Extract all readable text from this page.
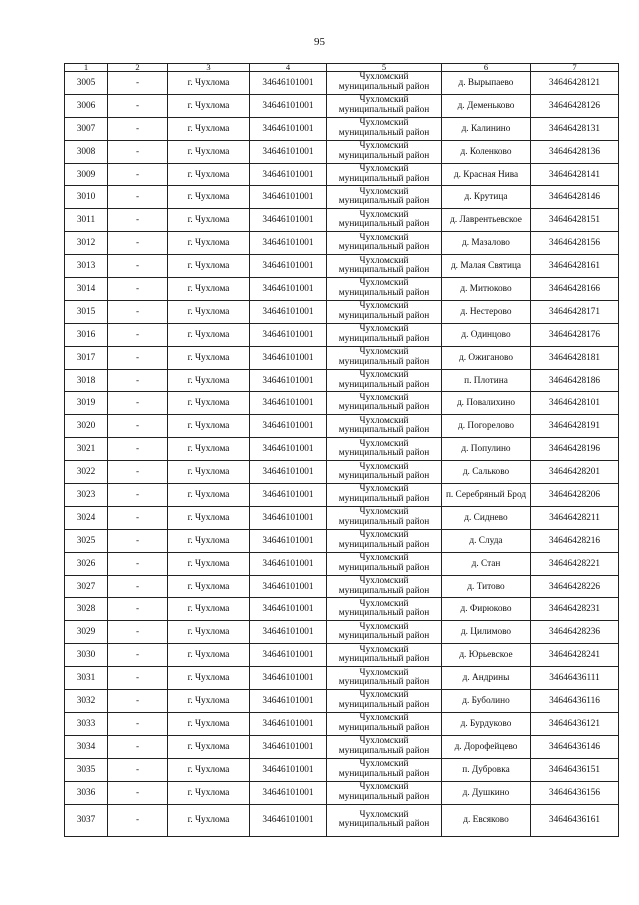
95
1	2	3	4	5	6	7
3005	-	г. Чухлома	34646101001	Чухломский
муниципальный район	д. Вырыпаево	34646428121
3006	-	г. Чухлома	34646101001	Чухломский
муниципальный район	д. Деменьково	34646428126
3007	-	г. Чухлома	34646101001	Чухломский
муниципальный район	д. Калинино	34646428131
3008	-	г. Чухлома	34646101001	Чухломский
муниципальный район	д. Коленково	34646428136
3009	-	г. Чухлома	34646101001	Чухломский
муниципальный район	д. Красная Нива	34646428141
3010	-	г. Чухлома	34646101001	Чухломский
муниципальный район	д. Крутица	34646428146
3011	-	г. Чухлома	34646101001	Чухломский
муниципальный район	д. Лаврентьевское	34646428151
3012	-	г. Чухлома	34646101001	Чухломский
муниципальный район	д. Мазалово	34646428156
3013	-	г. Чухлома	34646101001	Чухломский
муниципальный район	д. Малая Святица	34646428161
3014	-	г. Чухлома	34646101001	Чухломский
муниципальный район	д. Митюково	34646428166
3015	-	г. Чухлома	34646101001	Чухломский
муниципальный район	д. Нестерово	34646428171
3016	-	г. Чухлома	34646101001	Чухломский
муниципальный район	д. Одинцово	34646428176
3017	-	г. Чухлома	34646101001	Чухломский
муниципальный район	д. Ожиганово	34646428181
3018	-	г. Чухлома	34646101001	Чухломский
муниципальный район	п. Плотина	34646428186
3019	-	г. Чухлома	34646101001	Чухломский
муниципальный район	д. Повалихино	34646428101
3020	-	г. Чухлома	34646101001	Чухломский
муниципальный район	д. Погорелово	34646428191
3021	-	г. Чухлома	34646101001	Чухломский
муниципальный район	д. Популино	34646428196
3022	-	г. Чухлома	34646101001	Чухломский
муниципальный район	д. Сальково	34646428201
3023	-	г. Чухлома	34646101001	Чухломский
муниципальный район	п. Серебряный Брод	34646428206
3024	-	г. Чухлома	34646101001	Чухломский
муниципальный район	д. Сидневo	34646428211
3025	-	г. Чухлома	34646101001	Чухломский
муниципальный район	д. Слуда	34646428216
3026	-	г. Чухлома	34646101001	Чухломский
муниципальный район	д. Стан	34646428221
3027	-	г. Чухлома	34646101001	Чухломский
муниципальный район	д. Титово	34646428226
3028	-	г. Чухлома	34646101001	Чухломский
муниципальный район	д. Фирюково	34646428231
3029	-	г. Чухлома	34646101001	Чухломский
муниципальный район	д. Цилимово	34646428236
3030	-	г. Чухлома	34646101001	Чухломский
муниципальный район	д. Юрьевское	34646428241
3031	-	г. Чухлома	34646101001	Чухломский
муниципальный район	д. Андрины	34646436111
3032	-	г. Чухлома	34646101001	Чухломский
муниципальный район	д. Буболино	34646436116
3033	-	г. Чухлома	34646101001	Чухломский
муниципальный район	д. Бурдуково	34646436121
3034	-	г. Чухлома	34646101001	Чухломский
муниципальный район	д. Дорофейцево	34646436146
3035	-	г. Чухлома	34646101001	Чухломский
муниципальный район	п. Дубровка	34646436151
3036	-	г. Чухлома	34646101001	Чухломский
муниципальный район	д. Душкино	34646436156
3037	-	г. Чухлома	34646101001	Чухломский
муниципальный район	д. Евсяково	34646436161
